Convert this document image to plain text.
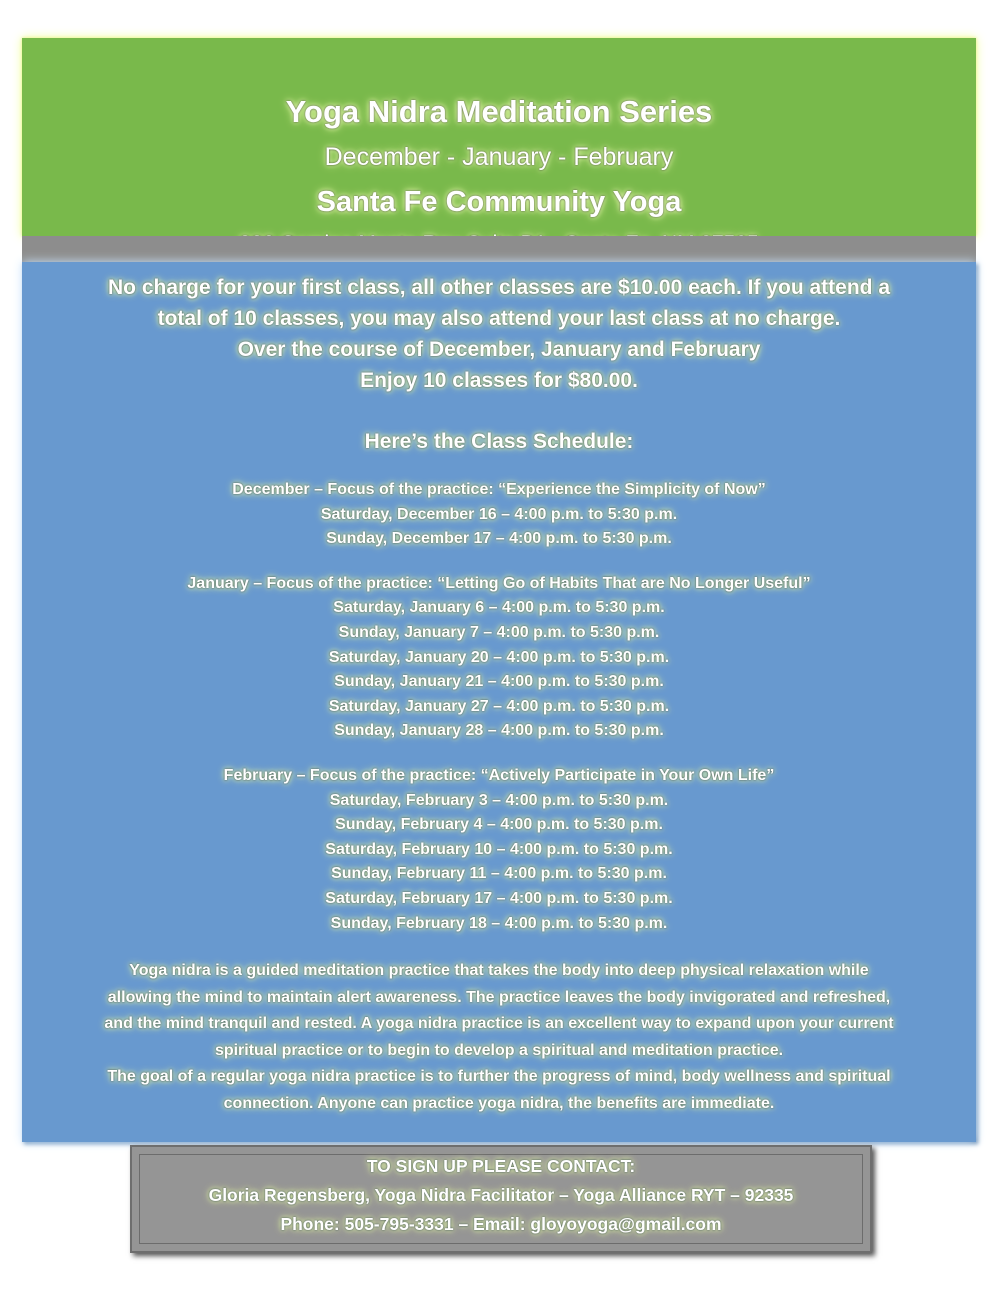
Yoga Nidra Meditation Series
December - January - February
Santa Fe Community Yoga
No charge for your first class, all other classes are $10.00 each. If you attend a
total of 10 classes, you may also attend your last class at no charge.
Over the course of December, January and February
Enjoy 10 classes for $80.00.
Here’s the Class Schedule:
December – Focus of the practice: “Experience the Simplicity of Now”
Saturday, December 16 – 4:00 p.m. to 5:30 p.m.
Sunday, December 17 – 4:00 p.m. to 5:30 p.m.
January – Focus of the practice: “Letting Go of Habits That are No Longer Useful”
Saturday, January 6 – 4:00 p.m. to 5:30 p.m.
Sunday, January 7 – 4:00 p.m. to 5:30 p.m.
Saturday, January 20 – 4:00 p.m. to 5:30 p.m.
Sunday, January 21 – 4:00 p.m. to 5:30 p.m.
Saturday, January 27 – 4:00 p.m. to 5:30 p.m.
Sunday, January 28 – 4:00 p.m. to 5:30 p.m.
February – Focus of the practice: “Actively Participate in Your Own Life”
Saturday, February 3 – 4:00 p.m. to 5:30 p.m.
Sunday, February 4 – 4:00 p.m. to 5:30 p.m.
Saturday, February 10 – 4:00 p.m. to 5:30 p.m.
Sunday, February 11 – 4:00 p.m. to 5:30 p.m.
Saturday, February 17 – 4:00 p.m. to 5:30 p.m.
Sunday, February 18 – 4:00 p.m. to 5:30 p.m.
Yoga nidra is a guided meditation practice that takes the body into deep physical relaxation while
allowing the mind to maintain alert awareness. The practice leaves the body invigorated and refreshed,
and the mind tranquil and rested. A yoga nidra practice is an excellent way to expand upon your current
spiritual practice or to begin to develop a spiritual and meditation practice.
The goal of a regular yoga nidra practice is to further the progress of mind, body wellness and spiritual
connection. Anyone can practice yoga nidra, the benefits are immediate.
TO SIGN UP PLEASE CONTACT:
Gloria Regensberg, Yoga Nidra Facilitator – Yoga Alliance RYT – 92335
Phone: 505-795-3331 – Email: gloyoyoga@gmail.com
